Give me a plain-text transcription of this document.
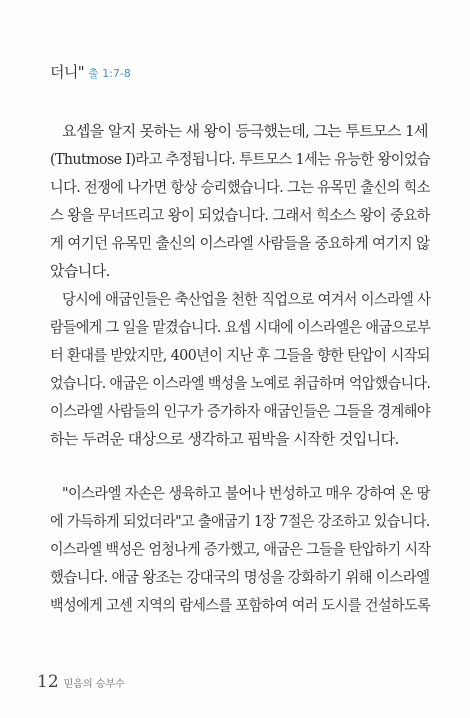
더니" 출 1:7-8
요셉을 알지 못하는 새 왕이 등극했는데, 그는 투트모스 1세
(Thutmose Ⅰ)라고 추정됩니다. 투트모스 1세는 유능한 왕이었습
니다. 전쟁에 나가면 항상 승리했습니다. 그는 유목민 출신의 힉소
스 왕을 무너뜨리고 왕이 되었습니다. 그래서 힉소스 왕이 중요하
게 여기던 유목민 출신의 이스라엘 사람들을 중요하게 여기지 않
았습니다.
당시에 애굽인들은 축산업을 천한 직업으로 여겨서 이스라엘 사
람들에게 그 일을 맡겼습니다. 요셉 시대에 이스라엘은 애굽으로부
터 환대를 받았지만, 400년이 지난 후 그들을 향한 탄압이 시작되
었습니다. 애굽은 이스라엘 백성을 노예로 취급하며 억압했습니다.
이스라엘 사람들의 인구가 증가하자 애굽인들은 그들을 경계해야
하는 두려운 대상으로 생각하고 핍박을 시작한 것입니다.
"이스라엘 자손은 생육하고 불어나 번성하고 매우 강하여 온 땅
에 가득하게 되었더라"고 출애굽기 1장 7절은 강조하고 있습니다.
이스라엘 백성은 엄청나게 증가했고, 애굽은 그들을 탄압하기 시작
했습니다. 애굽 왕조는 강대국의 명성을 강화하기 위해 이스라엘
백성에게 고센 지역의 람세스를 포함하여 여러 도시를 건설하도록
12 믿음의 승부수
